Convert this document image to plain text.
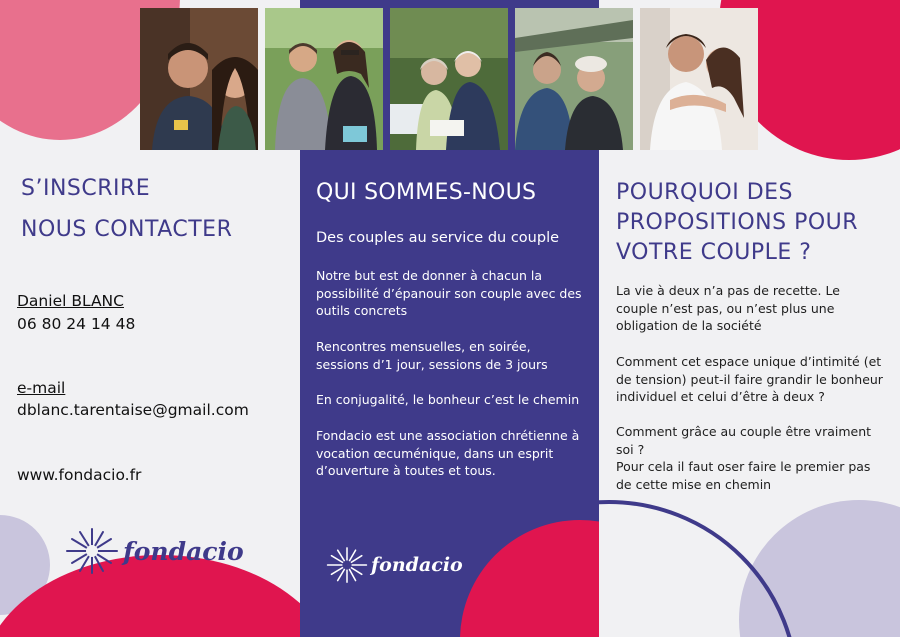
S’INSCRIRE
NOUS CONTACTER
Daniel BLANC
06 80 24 14 48
e-mail
dblanc.tarentaise@gmail.com
www.fondacio.fr
fondacio
QUI SOMMES-NOUS
Des couples au service du couple
Notre but est de donner à chacun la possibilité d’épanouir son couple avec des outils concrets
Rencontres mensuelles, en soirée, sessions d’1 jour, sessions de 3 jours
En conjugalité, le bonheur c’est le chemin
Fondacio est une association chrétienne à vocation œcuménique, dans un esprit d’ouverture à toutes et tous.
fondacio
POURQUOI DES
PROPOSITIONS POUR
VOTRE COUPLE ?
La vie à deux n’a pas de recette. Le couple n’est pas, ou n’est plus une obligation de la société
Comment cet espace unique d’intimité (et de tension) peut-il faire grandir le bonheur individuel et celui d’être à deux ?
Comment grâce au couple être vraiment soi ?
Pour cela il faut oser faire le premier pas de cette mise en chemin
